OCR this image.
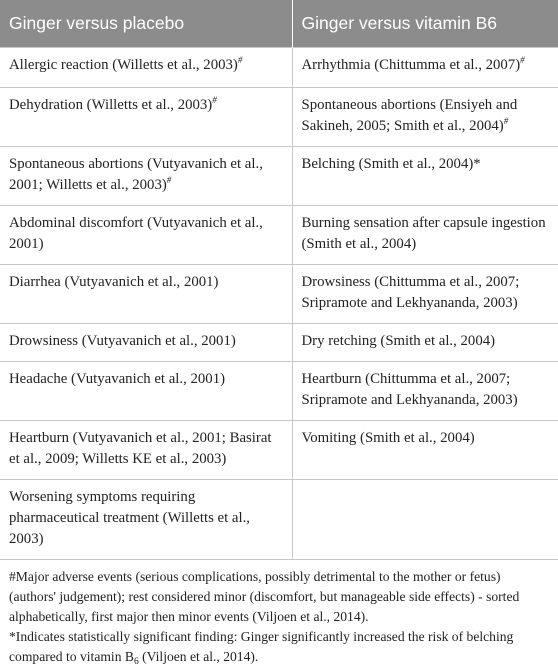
Ginger versus placebo	Ginger versus vitamin B6
Allergic reaction (Willetts et al., 2003)#	Arrhythmia (Chittumma et al., 2007)#
Dehydration (Willetts et al., 2003)#	Spontaneous abortions (Ensiyeh and Sakineh, 2005; Smith et al., 2004)#
Spontaneous abortions (Vutyavanich et al., 2001; Willetts et al., 2003)#	Belching (Smith et al., 2004)*
Abdominal discomfort (Vutyavanich et al., 2001)	Burning sensation after capsule ingestion (Smith et al., 2004)
Diarrhea (Vutyavanich et al., 2001)	Drowsiness (Chittumma et al., 2007; Sripramote and Lekhyananda, 2003)
Drowsiness (Vutyavanich et al., 2001)	Dry retching (Smith et al., 2004)
Headache (Vutyavanich et al., 2001)	Heartburn (Chittumma et al., 2007; Sripramote and Lekhyananda, 2003)
Heartburn (Vutyavanich et al., 2001; Basirat et al., 2009; Willetts KE et al., 2003)	Vomiting (Smith et al., 2004)
Worsening symptoms requiring pharmaceutical treatment (Willetts et al., 2003)	

#Major adverse events (serious complications, possibly detrimental to the mother or fetus) (authors' judgement); rest considered minor (discomfort, but manageable side effects) - sorted alphabetically, first major then minor events (Viljoen et al., 2014).

*Indicates statistically significant finding: Ginger significantly increased the risk of belching compared to vitamin $B_6$ (Viljoen et al., 2014).
